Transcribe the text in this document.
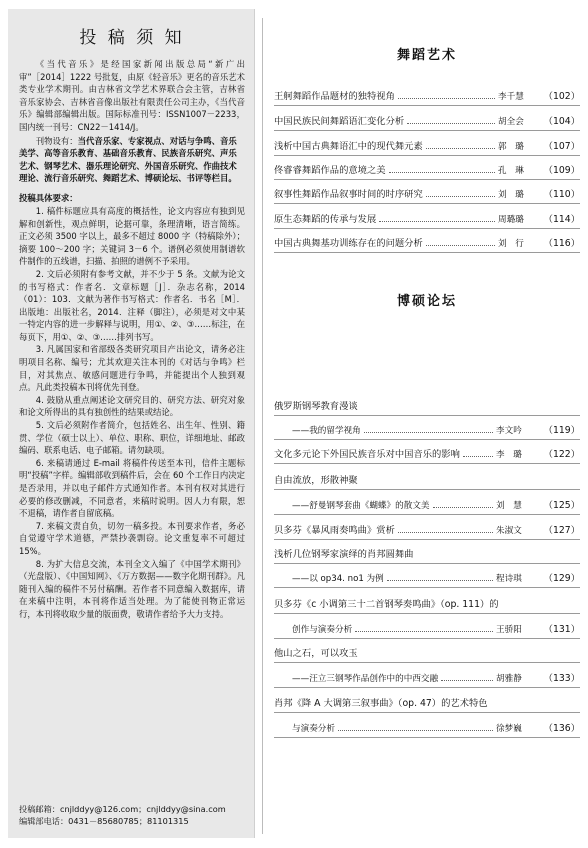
投 稿 须 知

《当代音乐》是经国家新闻出版总局“新广出审”［2014］1222 号批复，由原《轻音乐》更名的音乐艺术类专业学术期刊。由吉林省文学艺术界联合会主管，吉林省音乐家协会、吉林省音像出版社有限责任公司主办，《当代音乐》编辑部编辑出版。国际标准刊号：ISSN1007－2233，国内统一刊号：CN22－1414/J。

刊物设有：当代音乐家、专家视点、对话与争鸣、音乐美学、高等音乐教育、基础音乐教育、民族音乐研究、声乐艺术、钢琴艺术、器乐理论研究、外国音乐研究、作曲技术理论、流行音乐研究、舞蹈艺术、博硕论坛、书评等栏目。

投稿具体要求：

1. 稿件标题应具有高度的概括性，论文内容应有独到见解和创新性，观点鲜明，论据可靠，条理清晰，语言简练。正文必须 3500 字以上，最多不超过 8000 字（特稿除外）；摘要 100～200 字；关键词 3－6 个。谱例必须使用制谱软件制作的五线谱，扫描、拍照的谱例不予采用。

2. 文后必须附有参考文献，并不少于 5 条。文献为论文的书写格式：作者名．文章标题［J］．杂志名称，2014（01）：103．文献为著作书写格式：作者名．书名［M］．出版地：出版社名，2014．注释（脚注），必须是对文中某一特定内容的进一步解释与说明，用①、②、③……标注，在每页下，用①、②、③……排列书写。

3. 凡属国家和省部级各类研究项目产出论文，请务必注明项目名称、编号；尤其欢迎关注本刊的《对话与争鸣》栏目，对其焦点、敏感问题进行争鸣，并能提出个人独到观点。凡此类投稿本刊将优先刊登。

4. 鼓励从重点阐述论文研究目的、研究方法、研究对象和论文所得出的具有独创性的结果或结论。

5. 文后必须附作者简介，包括姓名、出生年、性别、籍贯、学位（硕士以上）、单位、职称、职位，详细地址、邮政编码、联系电话、电子邮箱。请勿缺项。

6. 来稿请通过 E-mail 将稿件传送至本刊，信件主题标明“投稿”字样。编辑部收到稿件后，会在 60 个工作日内决定是否录用，并以电子邮件方式通知作者。本刊有权对其进行必要的修改删减，不同意者，来稿时说明。因人力有限，恕不退稿，请作者自留底稿。

7. 来稿文责自负，切勿一稿多投。本刊要求作者，务必自觉遵守学术道德，严禁抄袭剽窃。论文重复率不可超过 15%。

8. 为扩大信息交流，本刊全文入编了《中国学术期刊》（光盘版）、《中国知网》、《万方数据——数字化期刊群》。凡随刊入编的稿件不另付稿酬。若作者不同意编入数据库，请在来稿中注明，本刊将作适当处理。为了能使刊物正常运行，本刊将收取少量的版面费，敬请作者给予大力支持。

投稿邮箱：cnjlddyy@126.com；cnjlddyy@sina.com
编辑部电话：0431－85680785；81101315
舞蹈艺术
王舸舞蹈作品题材的独特视角	李千慧	（102）
中国民族民间舞蹈语汇变化分析	胡全会	（104）
浅析中国古典舞语汇中的现代舞元素	郭　璐	（107）
佟睿睿舞蹈作品的意境之美	孔　琳	（109）
叙事性舞蹈作品叙事时间的时序研究	刘　璐	（110）
原生态舞蹈的传承与发展	周璐璐	（114）
中国古典舞基功训练存在的问题分析	刘　行	（116）
博硕论坛
俄罗斯钢琴教育漫谈
——我的留学视角	李文吟	（119）
文化多元论下外国民族音乐对中国音乐的影响	李　璐	（122）
自由流放，形散神聚
——舒曼钢琴套曲《蝴蝶》的散文美	刘　慧	（125）
贝多芬《暴风雨奏鸣曲》赏析	朱淑文	（127）
浅析几位钢琴家演绎的肖邦圆舞曲
——以 op34. no1 为例	程诗琪	（129）
贝多芬《c 小调第三十二首钢琴奏鸣曲》（op. 111）的
创作与演奏分析	王骄阳	（131）
他山之石，可以攻玉
——汪立三钢琴作品创作中的中西交融	胡雅静	（133）
肖邦《降 A 大调第三叙事曲》（op. 47）的艺术特色
与演奏分析	徐梦巍	（136）
